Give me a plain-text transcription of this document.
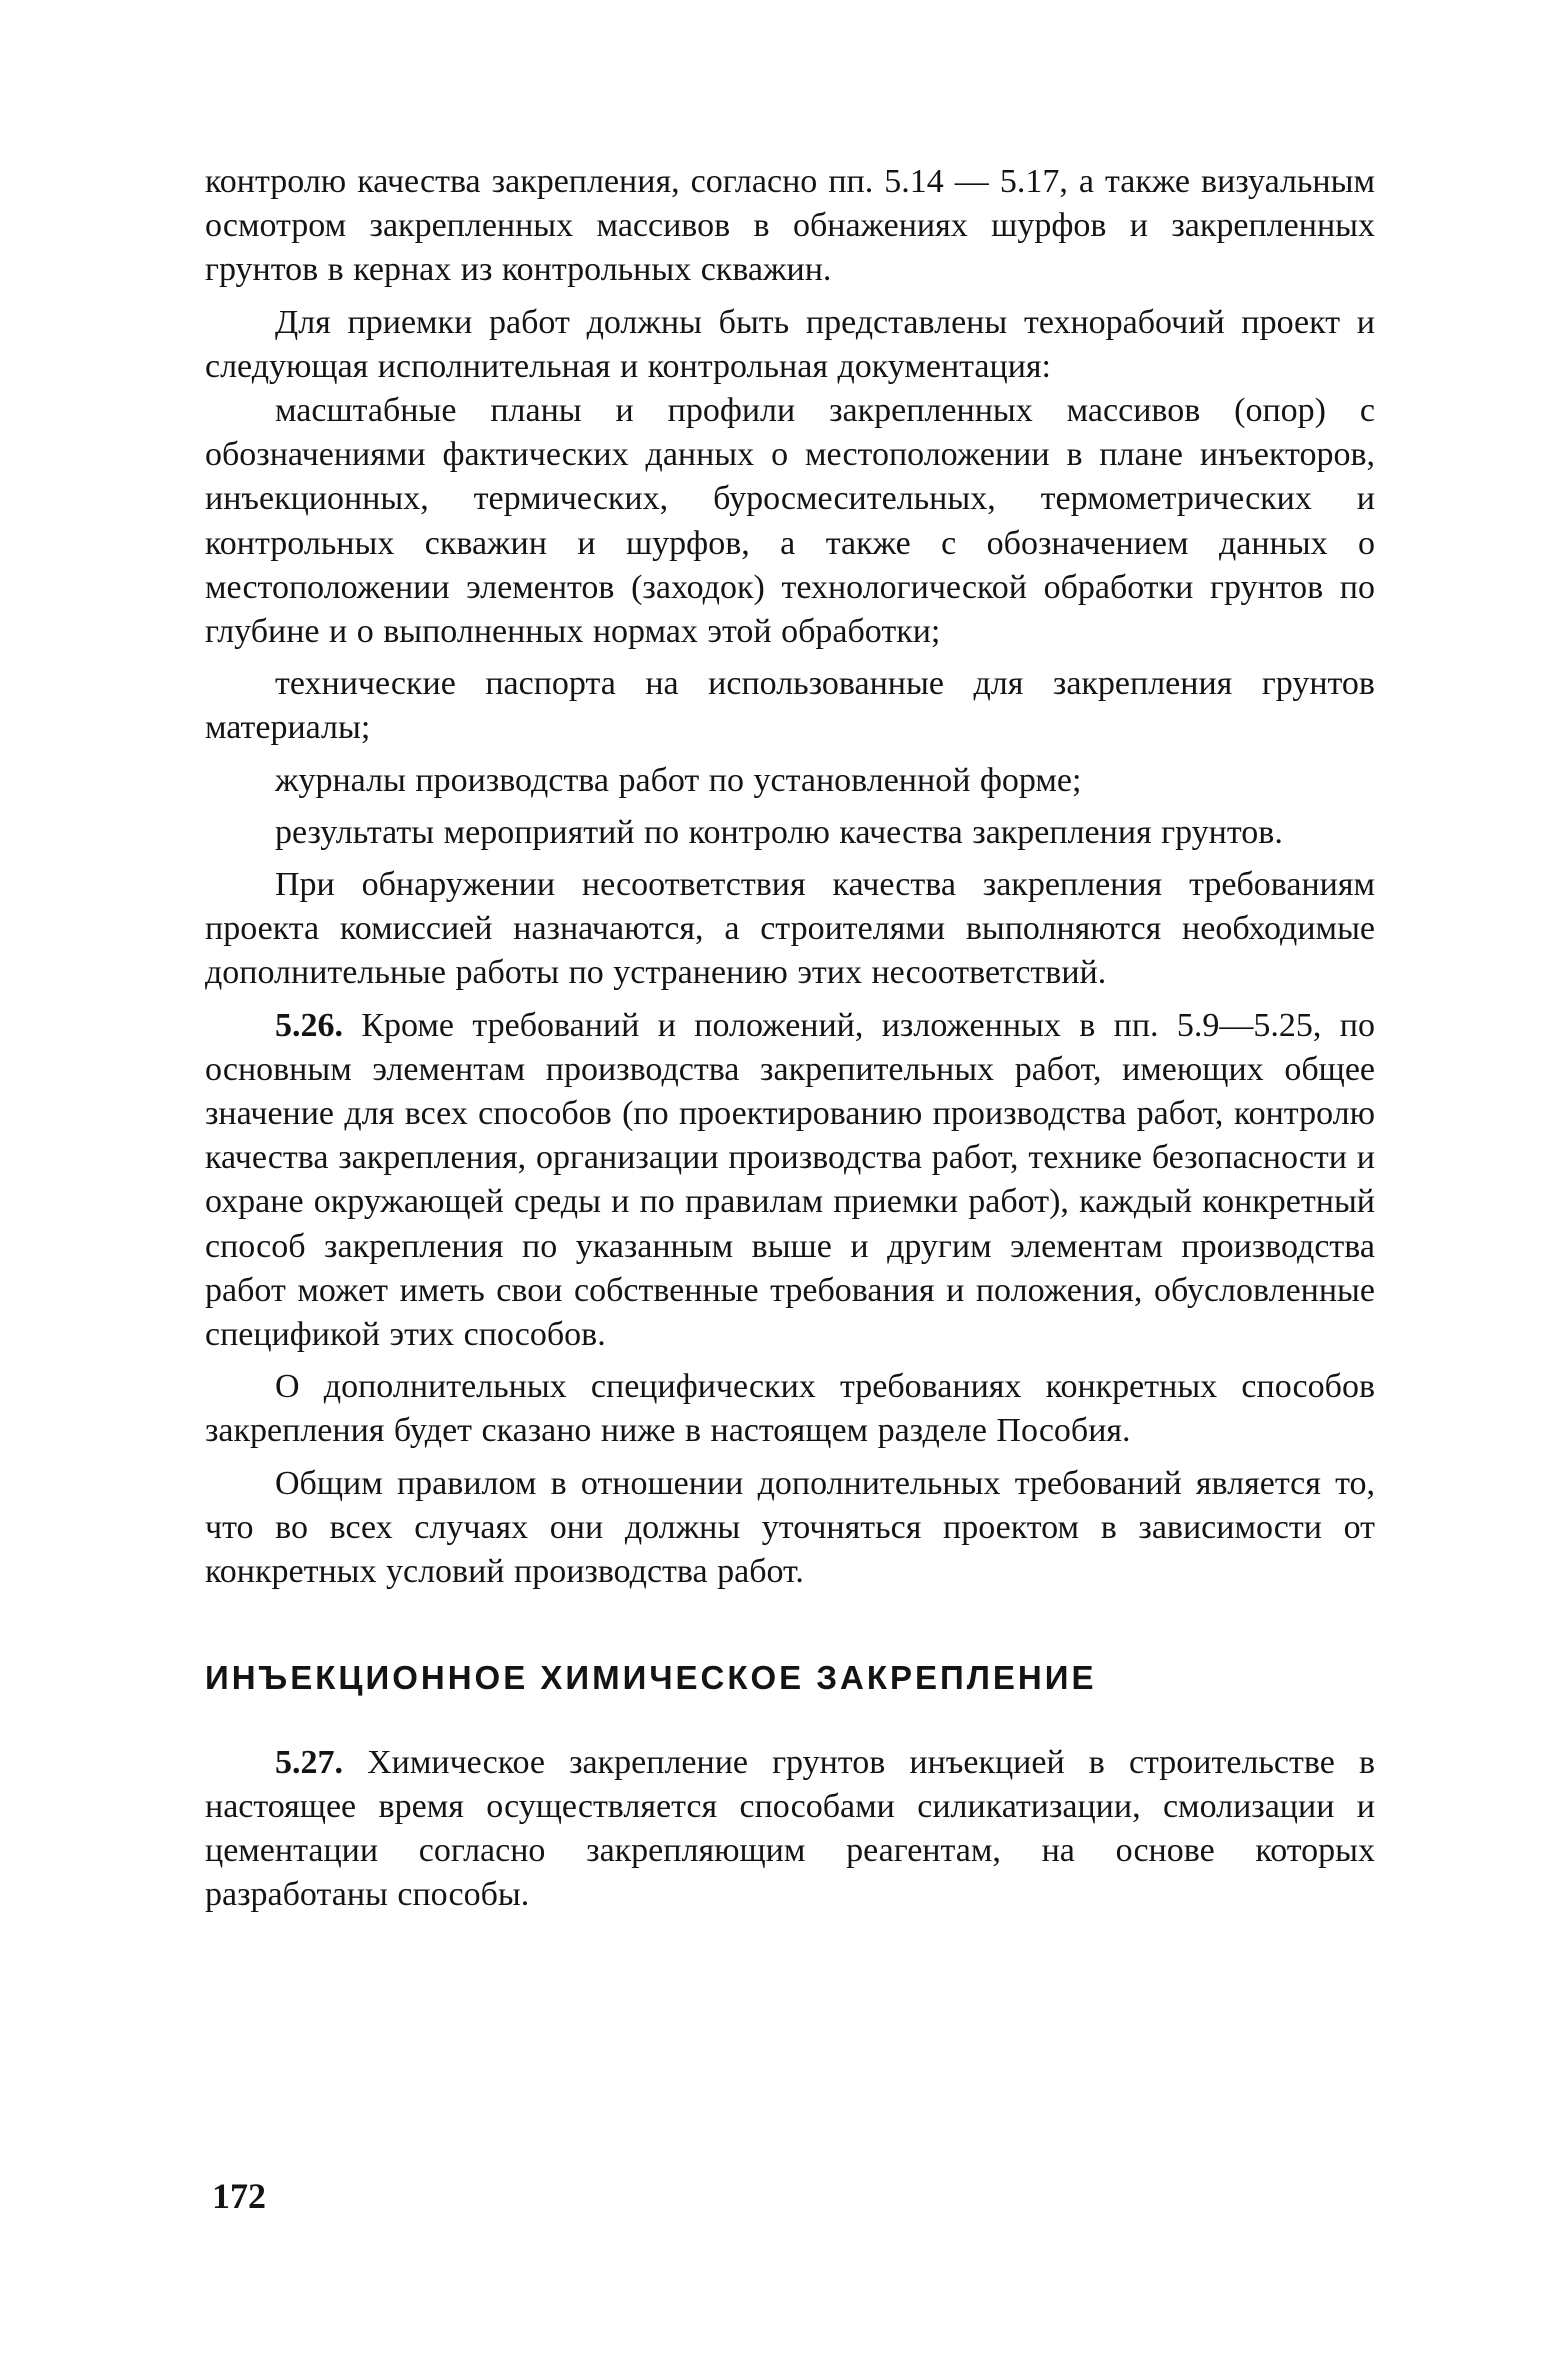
контролю качества закрепления, согласно пп. 5.14 — 5.17, а также визуальным осмотром закрепленных массивов в обнажениях шурфов и закрепленных грунтов в кернах из контрольных скважин.

Для приемки работ должны быть представлены технорабочий проект и следующая исполнительная и контрольная документация:

масштабные планы и профили закрепленных массивов (опор) с обозначениями фактических данных о местоположении в плане инъекторов, инъекционных, термических, буросмесительных, термометрических и контрольных скважин и шурфов, а также с обозначением данных о местоположении элементов (заходок) технологической обработки грунтов по глубине и о выполненных нормах этой обработки;

технические паспорта на использованные для закрепления грунтов материалы;

журналы производства работ по установленной форме;

результаты мероприятий по контролю качества закрепления грунтов.

При обнаружении несоответствия качества закрепления требованиям проекта комиссией назначаются, а строителями выполняются необходимые дополнительные работы по устранению этих несоответствий.

5.26. Кроме требований и положений, изложенных в пп. 5.9—5.25, по основным элементам производства закрепительных работ, имеющих общее значение для всех способов (по проектированию производства работ, контролю качества закрепления, организации производства работ, технике безопасности и охране окружающей среды и по правилам приемки работ), каждый конкретный способ закрепления по указанным выше и другим элементам производства работ может иметь свои собственные требования и положения, обусловленные спецификой этих способов.

О дополнительных специфических требованиях конкретных способов закрепления будет сказано ниже в настоящем разделе Пособия.

Общим правилом в отношении дополнительных требований является то, что во всех случаях они должны уточняться проектом в зависимости от конкретных условий производства работ.

ИНЪЕКЦИОННОЕ ХИМИЧЕСКОЕ ЗАКРЕПЛЕНИЕ

5.27. Химическое закрепление грунтов инъекцией в строительстве в настоящее время осуществляется способами силикатизации, смолизации и цементации согласно закрепляющим реагентам, на основе которых разработаны способы.

172
